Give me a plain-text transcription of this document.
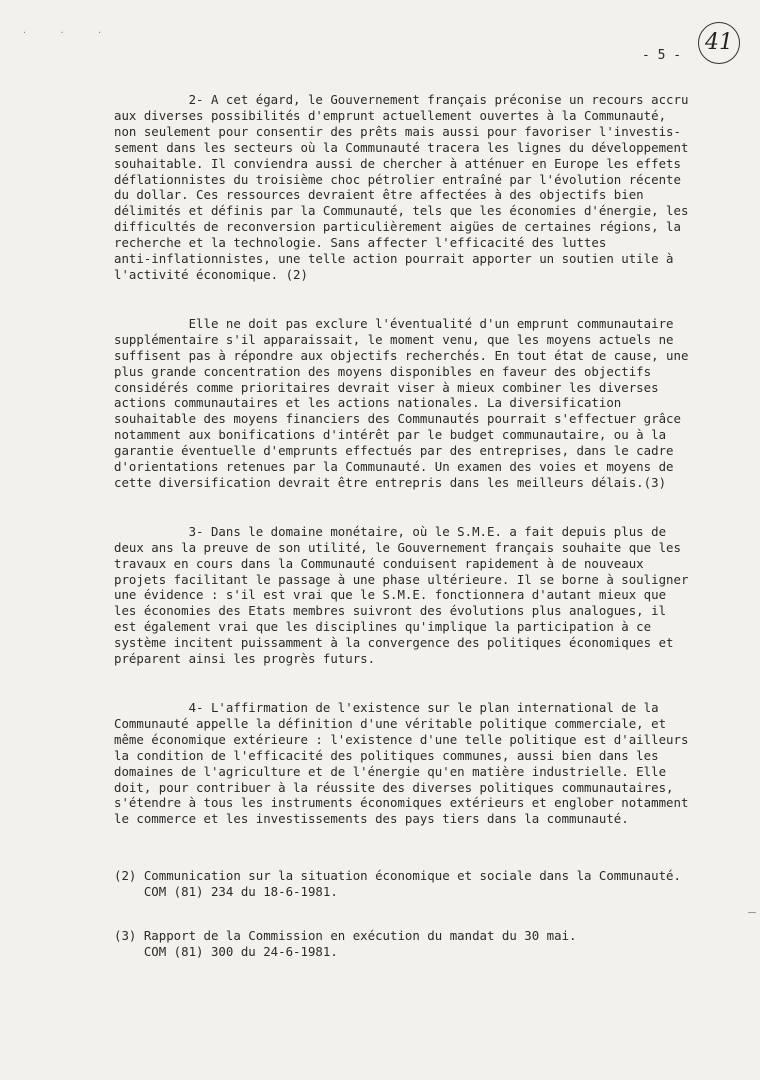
· · ·	41
- 5 -

2- A cet égard, le Gouvernement français préconise un recours accru
aux diverses possibilités d'emprunt actuellement ouvertes à la Communauté,
non seulement pour consentir des prêts mais aussi pour favoriser l'investis-
sement dans les secteurs où la Communauté tracera les lignes du développement
souhaitable. Il conviendra aussi de chercher à atténuer en Europe les effets
déflationnistes du troisième choc pétrolier entraîné par l'évolution récente
du dollar. Ces ressources devraient être affectées à des objectifs bien
délimités et définis par la Communauté, tels que les économies d'énergie, les
difficultés de reconversion particulièrement aigües de certaines régions, la
recherche et la technologie. Sans affecter l'efficacité des luttes
anti-inflationnistes, une telle action pourrait apporter un soutien utile à
l'activité économique. (2)

Elle ne doit pas exclure l'éventualité d'un emprunt communautaire
supplémentaire s'il apparaissait, le moment venu, que les moyens actuels ne
suffisent pas à répondre aux objectifs recherchés. En tout état de cause, une
plus grande concentration des moyens disponibles en faveur des objectifs
considérés comme prioritaires devrait viser à mieux combiner les diverses
actions communautaires et les actions nationales. La diversification
souhaitable des moyens financiers des Communautés pourrait s'effectuer grâce
notamment aux bonifications d'intérêt par le budget communautaire, ou à la
garantie éventuelle d'emprunts effectués par des entreprises, dans le cadre
d'orientations retenues par la Communauté. Un examen des voies et moyens de
cette diversification devrait être entrepris dans les meilleurs délais.(3)

3- Dans le domaine monétaire, où le S.M.E. a fait depuis plus de
deux ans la preuve de son utilité, le Gouvernement français souhaite que les
travaux en cours dans la Communauté conduisent rapidement à de nouveaux
projets facilitant le passage à une phase ultérieure. Il se borne à souligner
une évidence : s'il est vrai que le S.M.E. fonctionnera d'autant mieux que
les économies des Etats membres suivront des évolutions plus analogues, il
est également vrai que les disciplines qu'implique la participation à ce
système incitent puissamment à la convergence des politiques économiques et
préparent ainsi les progrès futurs.

4- L'affirmation de l'existence sur le plan international de la
Communauté appelle la définition d'une véritable politique commerciale, et
même économique extérieure : l'existence d'une telle politique est d'ailleurs
la condition de l'efficacité des politiques communes, aussi bien dans les
domaines de l'agriculture et de l'énergie qu'en matière industrielle. Elle
doit, pour contribuer à la réussite des diverses politiques communautaires,
s'étendre à tous les instruments économiques extérieurs et englober notamment
le commerce et les investissements des pays tiers dans la communauté.

(2) Communication sur la situation économique et sociale dans la Communauté.
COM (81) 234 du 18-6-1981.

(3) Rapport de la Commission en exécution du mandat du 30 mai.
COM (81) 300 du 24-6-1981.
